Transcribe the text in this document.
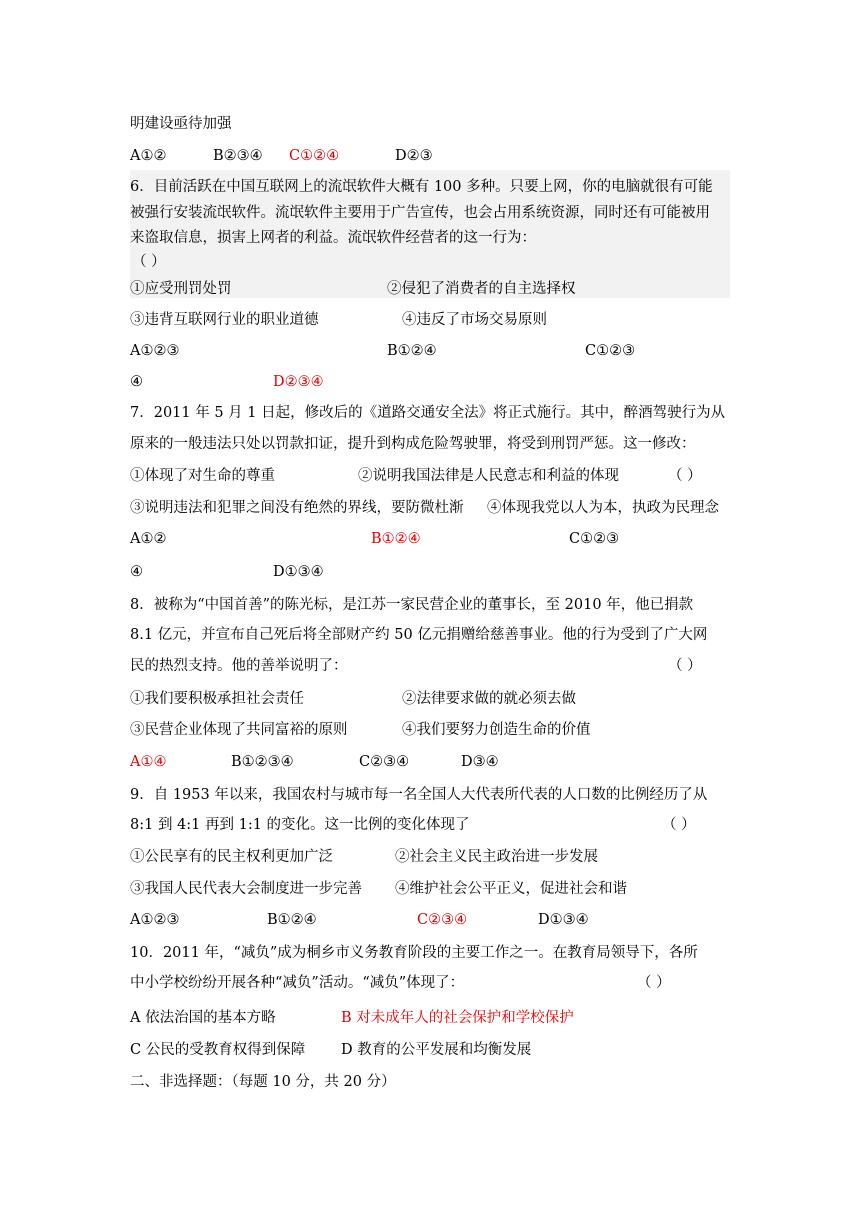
明建设亟待加强
A①②	B②③④ C①②④	D②③
6．目前活跃在中国互联网上的流氓软件大概有 100 多种。只要上网，你的电脑就很有可能
被强行安装流氓软件。流氓软件主要用于广告宣传，也会占用系统资源，同时还有可能被用
来盗取信息，损害上网者的利益。流氓软件经营者的这一行为：
（ ）
①应受刑罚处罚	②侵犯了消费者的自主选择权
③违背互联网行业的职业道德	④违反了市场交易原则
A①②③	B①②④	C①②③
④	D②③④
7．2011 年 5 月 1 日起，修改后的《道路交通安全法》将正式施行。其中，醉酒驾驶行为从
原来的一般违法只处以罚款扣证，提升到构成危险驾驶罪，将受到刑罚严惩。这一修改：
①体现了对生命的尊重	②说明我国法律是人民意志和利益的体现	（ ）
③说明违法和犯罪之间没有绝然的界线，要防微杜渐 ④体现我党以人为本，执政为民理念
A①②	B①②④	C①②③
④	D①③④
8．被称为“中国首善”的陈光标，是江苏一家民营企业的董事长，至 2010 年，他已捐款
8.1 亿元，并宣布自己死后将全部财产约 50 亿元捐赠给慈善事业。他的行为受到了广大网
民的热烈支持。他的善举说明了：	（ ）
①我们要积极承担社会责任	②法律要求做的就必须去做
③民营企业体现了共同富裕的原则	④我们要努力创造生命的价值
A①④	B①②③④	C②③④	D③④
9．自 1953 年以来，我国农村与城市每一名全国人大代表所代表的人口数的比例经历了从
8:1 到 4:1 再到 1:1 的变化。这一比例的变化体现了	（ ）
①公民享有的民主权利更加广泛	②社会主义民主政治进一步发展
③我国人民代表大会制度进一步完善 ④维护社会公平正义，促进社会和谐
A①②③	B①②④	C②③④	D①③④
10．2011 年，“减负”成为桐乡市义务教育阶段的主要工作之一。在教育局领导下，各所
中小学校纷纷开展各种“减负”活动。“减负”体现了：	（ ）
A 依法治国的基本方略	B 对未成年人的社会保护和学校保护
C 公民的受教育权得到保障 D 教育的公平发展和均衡发展
二、非选择题：（每题 10 分，共 20 分）
